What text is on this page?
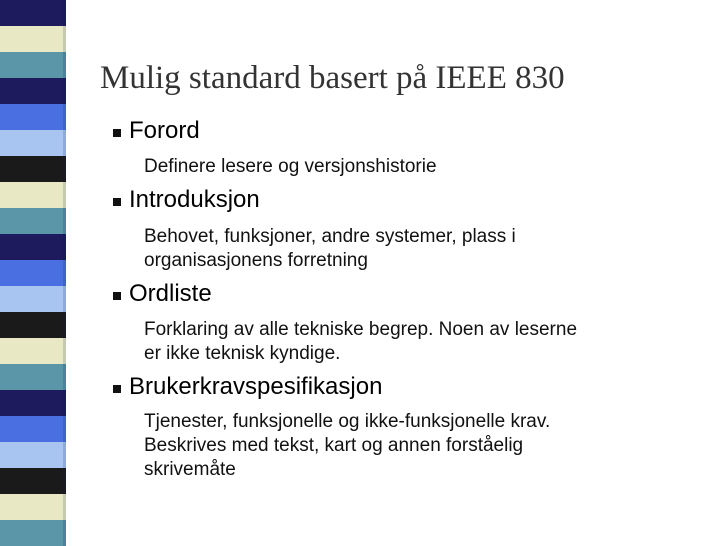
Mulig standard basert på IEEE 830

Forord

Definere lesere og versjonshistorie

Introduksjon

Behovet, funksjoner, andre systemer, plass i
organisasjonens forretning

Ordliste

Forklaring av alle tekniske begrep. Noen av leserne
er ikke teknisk kyndige.

Brukerkravspesifikasjon

Tjenester, funksjonelle og ikke-funksjonelle krav.
Beskrives med tekst, kart og annen forståelig
skrivemåte
